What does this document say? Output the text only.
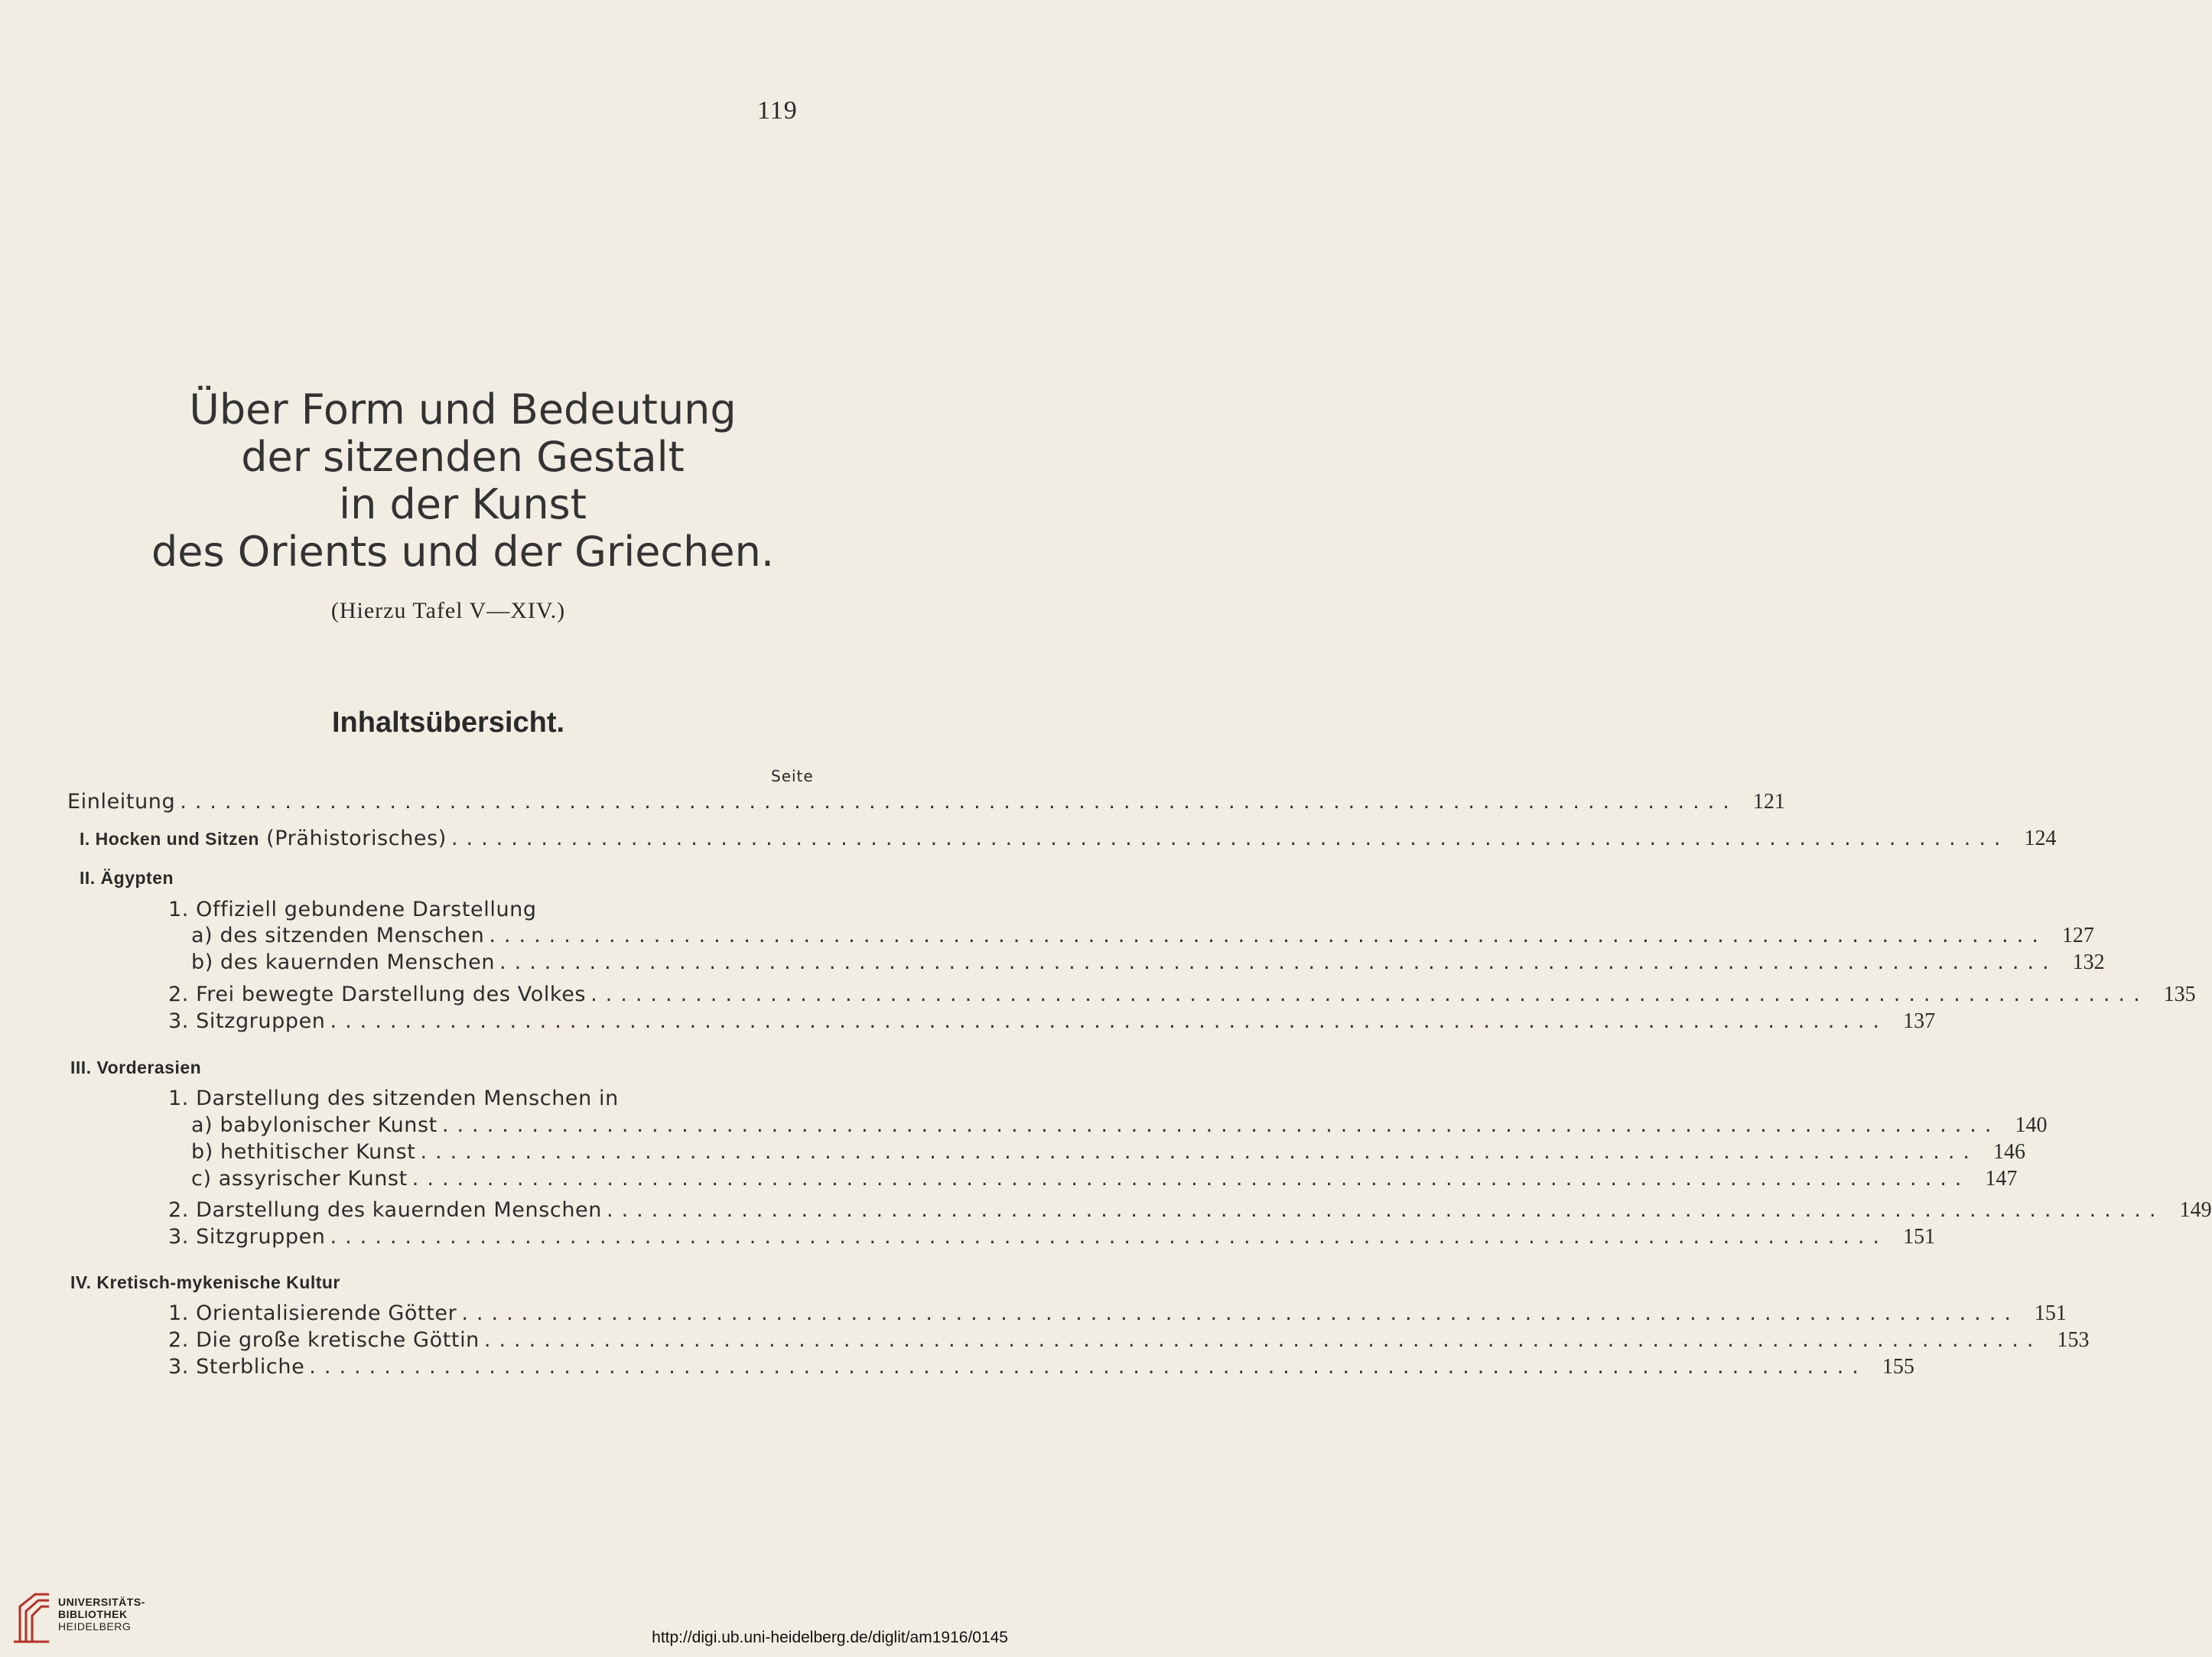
119
Über Form und Bedeutung
der sitzenden Gestalt
in der Kunst
des Orients und der Griechen.
(Hierzu Tafel V—XIV.)
Inhaltsübersicht.
Seite
Einleitung ........................................................................................................ 121
I. Hocken und Sitzen (Prähistorisches) ........................................................................................................ 124
II. Ägypten
1. Offiziell gebundene Darstellung
a) des sitzenden Menschen ........................................................................................................ 127
b) des kauernden Menschen ........................................................................................................ 132
2. Frei bewegte Darstellung des Volkes ........................................................................................................ 135
3. Sitzgruppen ........................................................................................................ 137
III. Vorderasien
1. Darstellung des sitzenden Menschen in
a) babylonischer Kunst ........................................................................................................ 140
b) hethitischer Kunst ........................................................................................................ 146
c) assyrischer Kunst ........................................................................................................ 147
2. Darstellung des kauernden Menschen ........................................................................................................ 149
3. Sitzgruppen ........................................................................................................ 151
IV. Kretisch-mykenische Kultur
1. Orientalisierende Götter ........................................................................................................ 151
2. Die große kretische Göttin ........................................................................................................ 153
3. Sterbliche ........................................................................................................ 155
UNIVERSITÄTS-
BIBLIOTHEK
HEIDELBERG
http://digi.ub.uni-heidelberg.de/diglit/am1916/0145
